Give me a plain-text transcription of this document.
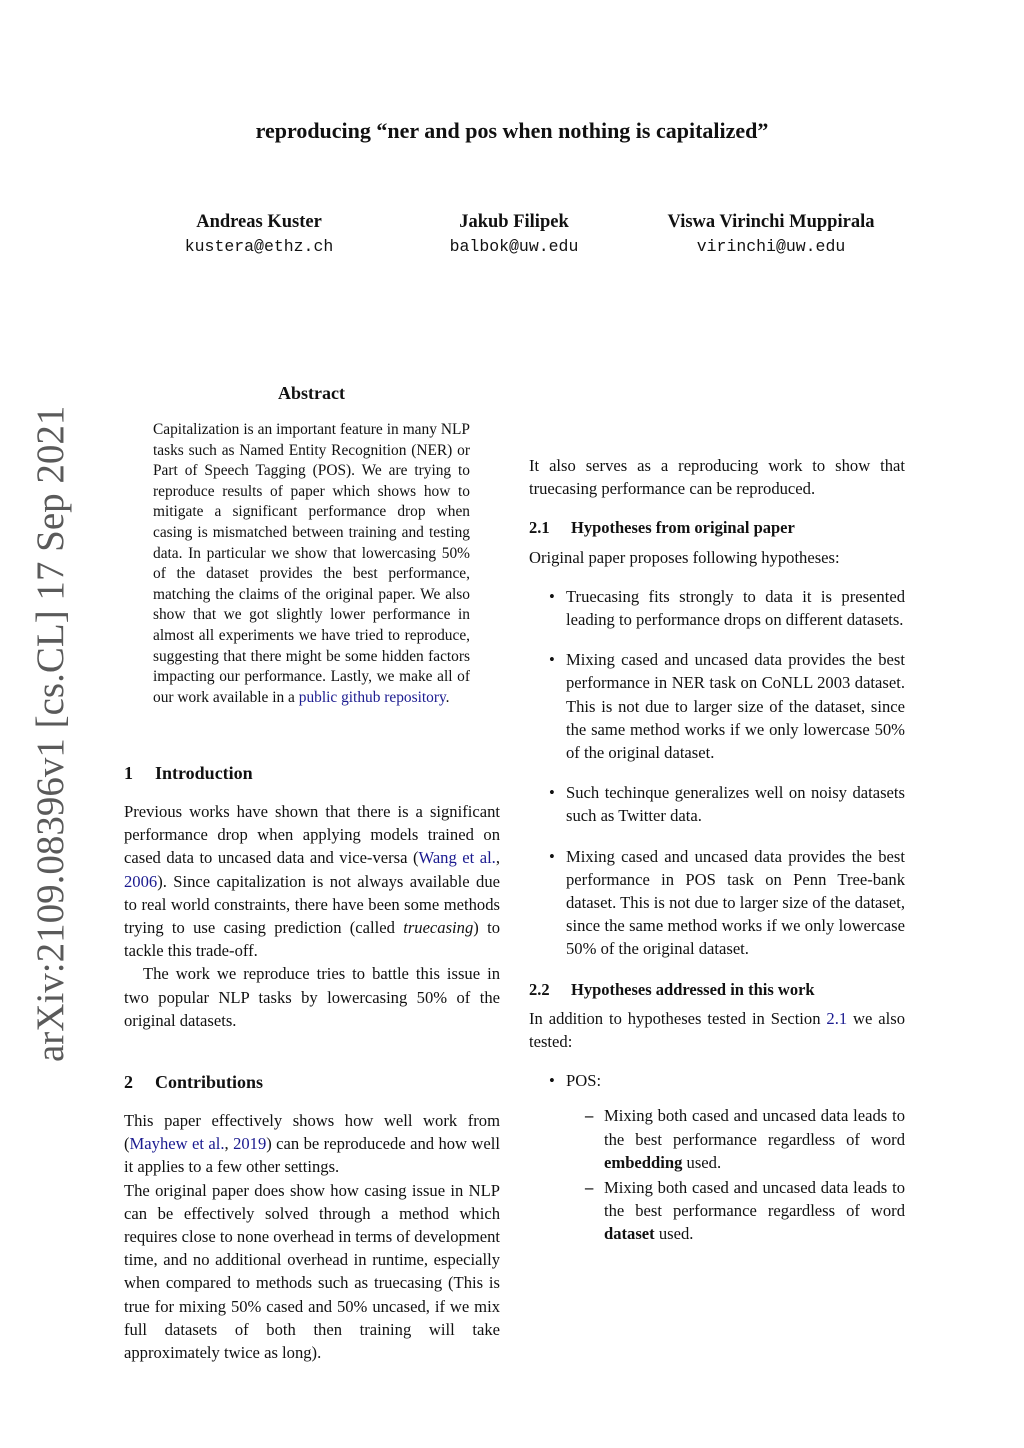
reproducing “ner and pos when nothing is capitalized”
Andreas Kuster
kustera@ethz.ch
Jakub Filipek
balbok@uw.edu
Viswa Virinchi Muppirala
virinchi@uw.edu
arXiv:2109.08396v1 [cs.CL] 17 Sep 2021
Abstract
Capitalization is an important feature in many NLP tasks such as Named Entity Recognition (NER) or Part of Speech Tagging (POS). We are trying to reproduce results of paper which shows how to mitigate a significant performance drop when casing is mismatched between training and testing data. In particular we show that lowercasing 50% of the dataset provides the best performance, matching the claims of the original paper. We also show that we got slightly lower performance in almost all experiments we have tried to reproduce, suggesting that there might be some hidden factors impacting our performance. Lastly, we make all of our work available in a public github repository.
1 Introduction

Previous works have shown that there is a significant performance drop when applying models trained on cased data to uncased data and vice-versa (Wang et al., 2006). Since capitalization is not always available due to real world constraints, there have been some methods trying to use casing prediction (called truecasing) to tackle this trade-off.

The work we reproduce tries to battle this issue in two popular NLP tasks by lowercasing 50% of the original datasets.

2 Contributions

This paper effectively shows how well work from (Mayhew et al., 2019) can be reproducede and how well it applies to a few other settings.

The original paper does show how casing issue in NLP can be effectively solved through a method which requires close to none overhead in terms of development time, and no additional overhead in runtime, especially when compared to methods such as truecasing (This is true for mixing 50% cased and 50% uncased, if we mix full datasets of both then training will take approximately twice as long).

It also serves as a reproducing work to show that truecasing performance can be reproduced.

2.1 Hypotheses from original paper

Original paper proposes following hypotheses:

• Truecasing fits strongly to data it is presented leading to performance drops on different datasets.
• Mixing cased and uncased data provides the best performance in NER task on CoNLL 2003 dataset. This is not due to larger size of the dataset, since the same method works if we only lowercase 50% of the original dataset.
• Such techinque generalizes well on noisy datasets such as Twitter data.
• Mixing cased and uncased data provides the best performance in POS task on Penn Tree-bank dataset. This is not due to larger size of the dataset, since the same method works if we only lowercase 50% of the original dataset.
2.2 Hypotheses addressed in this work

In addition to hypotheses tested in Section 2.1 we also tested:

• POS:
– Mixing both cased and uncased data leads to the best performance regardless of word embedding used.
– Mixing both cased and uncased data leads to the best performance regardless of word dataset used.
